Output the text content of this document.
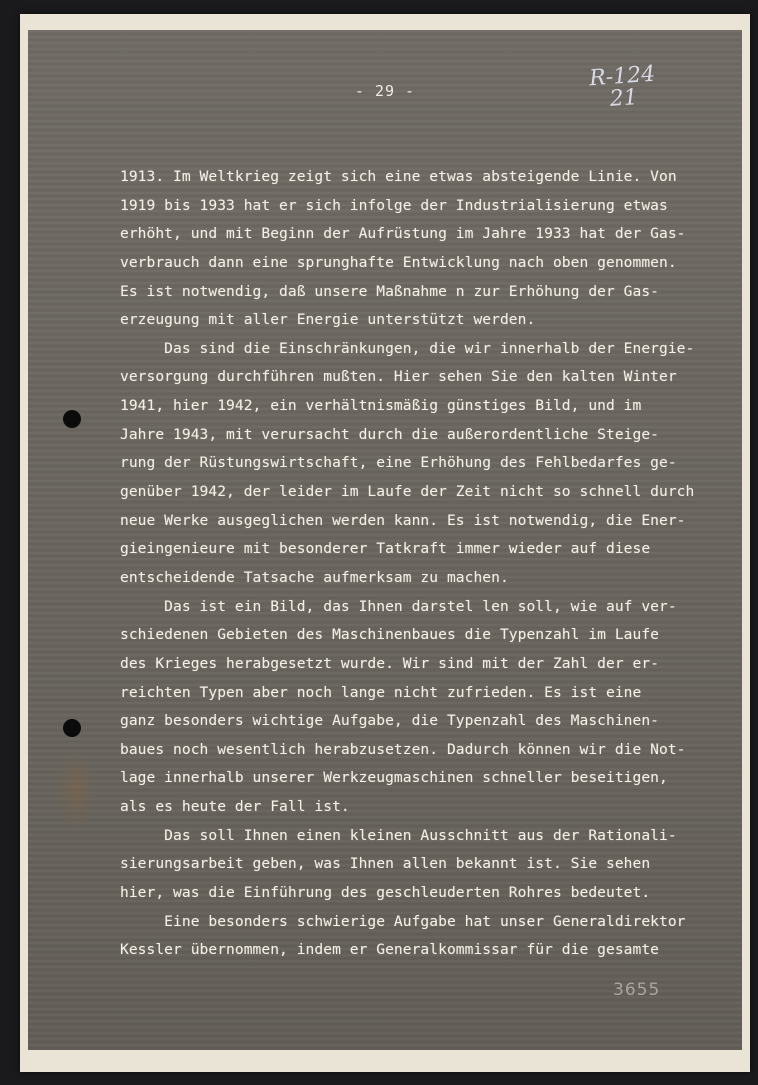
- 29 -	R-124
21
1913. Im Weltkrieg zeigt sich eine etwas absteigende Linie. Von
1919 bis 1933 hat er sich infolge der Industrialisierung etwas
erhöht, und mit Beginn der Aufrüstung im Jahre 1933 hat der Gas-
verbrauch dann eine sprunghafte Entwicklung nach oben genommen.
Es ist notwendig, daß unsere Maßnahme n zur Erhöhung der Gas-
erzeugung mit aller Energie unterstützt werden.
Das sind die Einschränkungen, die wir innerhalb der Energie-
versorgung durchführen mußten. Hier sehen Sie den kalten Winter
1941, hier 1942, ein verhältnismäßig günstiges Bild, und im
Jahre 1943, mit verursacht durch die außerordentliche Steige-
rung der Rüstungswirtschaft, eine Erhöhung des Fehlbedarfes ge-
genüber 1942, der leider im Laufe der Zeit nicht so schnell durch
neue Werke ausgeglichen werden kann. Es ist notwendig, die Ener-
gieingenieure mit besonderer Tatkraft immer wieder auf diese
entscheidende Tatsache aufmerksam zu machen.
Das ist ein Bild, das Ihnen darstel len soll, wie auf ver-
schiedenen Gebieten des Maschinenbaues die Typenzahl im Laufe
des Krieges herabgesetzt wurde. Wir sind mit der Zahl der er-
reichten Typen aber noch lange nicht zufrieden. Es ist eine
ganz besonders wichtige Aufgabe, die Typenzahl des Maschinen-
baues noch wesentlich herabzusetzen. Dadurch können wir die Not-
lage innerhalb unserer Werkzeugmaschinen schneller beseitigen,
als es heute der Fall ist.
Das soll Ihnen einen kleinen Ausschnitt aus der Rationali-
sierungsarbeit geben, was Ihnen allen bekannt ist. Sie sehen
hier, was die Einführung des geschleuderten Rohres bedeutet.
Eine besonders schwierige Aufgabe hat unser Generaldirektor
Kessler übernommen, indem er Generalkommissar für die gesamte
3655
